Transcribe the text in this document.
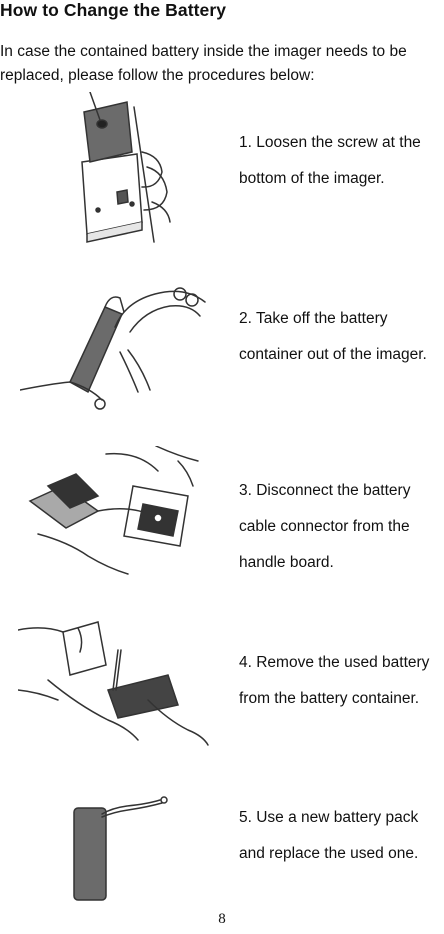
How to Change the Battery
In case the contained battery inside the imager needs to be replaced, please follow the procedures below:
1. Loosen the screw at the bottom of the imager.
2. Take off the battery container out of the imager.
3. Disconnect the battery cable connector from the handle board.
4. Remove the used battery from the battery container.
5. Use a new battery pack and replace the used one.
8
